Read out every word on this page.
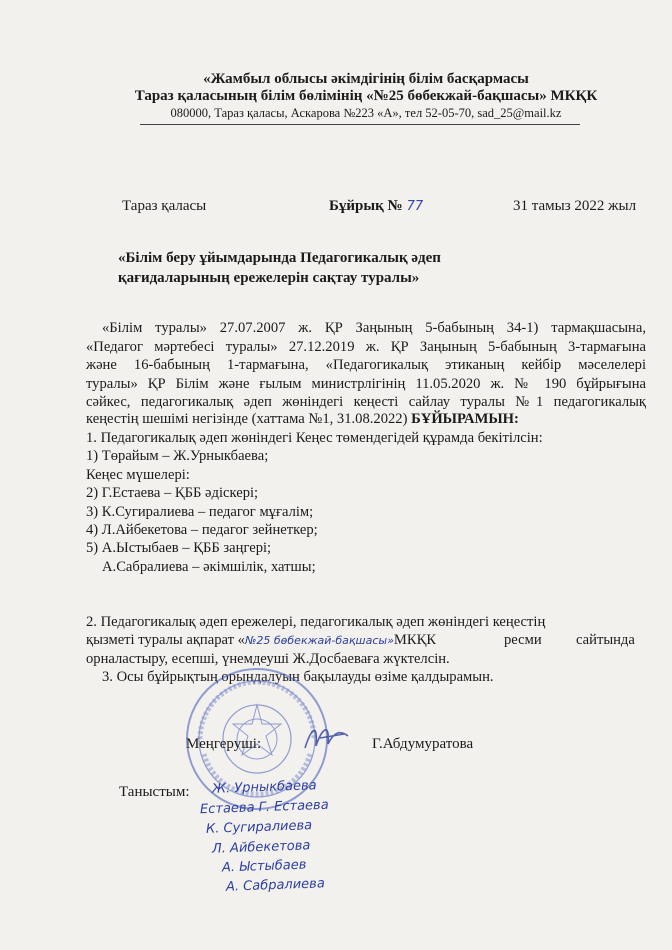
«Жамбыл облысы әкімдігінің білім басқармасы
Тараз қаласының білім бөлімінің «№25 бөбекжай-бақшасы» МКҚК
080000, Тараз қаласы, Аскарова №223 «А», тел 52-05-70, sad_25@mail.kz
Тараз қаласы	Бұйрық № 77	31 тамыз 2022 жыл
«Білім беру ұйымдарында Педагогикалық әдеп
қағидаларының ережелерін сақтау туралы»
«Білім туралы» 27.07.2007 ж. ҚР Заңының 5-бабының 34-1) тармақшасына,
«Педагог мәртебесі туралы» 27.12.2019 ж. ҚР Заңының 5-бабының 3-тармағына
және 16-бабының 1-тармағына, «Педагогикалық этиканың кейбір мәселелері
туралы» ҚР Білім және ғылым министрлігінің 11.05.2020 ж. № 190 бұйрығына
сәйкес, педагогикалық әдеп жөніндегі кеңесті сайлау туралы №1 педагогикалық
кеңестің шешімі негізінде (хаттама №1, 31.08.2022) БҰЙЫРАМЫН:
1. Педагогикалық әдеп жөніндегі Кеңес төмендегідей құрамда бекітілсін:
1) Төрайым – Ж.Урныкбаева;
Кеңес мүшелері:
2) Г.Естаева – ҚББ әдіскері;
3) К.Сугиралиева – педагог мұғалім;
4) Л.Айбекетова – педагог зейнеткер;
5) А.Ыстыбаев – ҚББ заңгері;
А.Сабралиева – әкімшілік, хатшы;
2. Педагогикалық әдеп ережелері, педагогикалық әдеп жөніндегі кеңестің
қызметі туралы ақпарат «№25 бөбекжай-бақшасы»МКҚК	ресми сайтында
орналастыру, есепші, үнемдеуші Ж.Досбаеваға жүктелсін.
3. Осы бұйрықтың орындалуын бақылауды өзіме қалдырамын.
Меңгеруші:	Г.Абдумуратова
Таныстым: Ж. Урныкбаева
Естаева Г. Естаева
К. Сугиралиева
Л. Айбекетова
А. Ыстыбаев
А. Сабралиева
